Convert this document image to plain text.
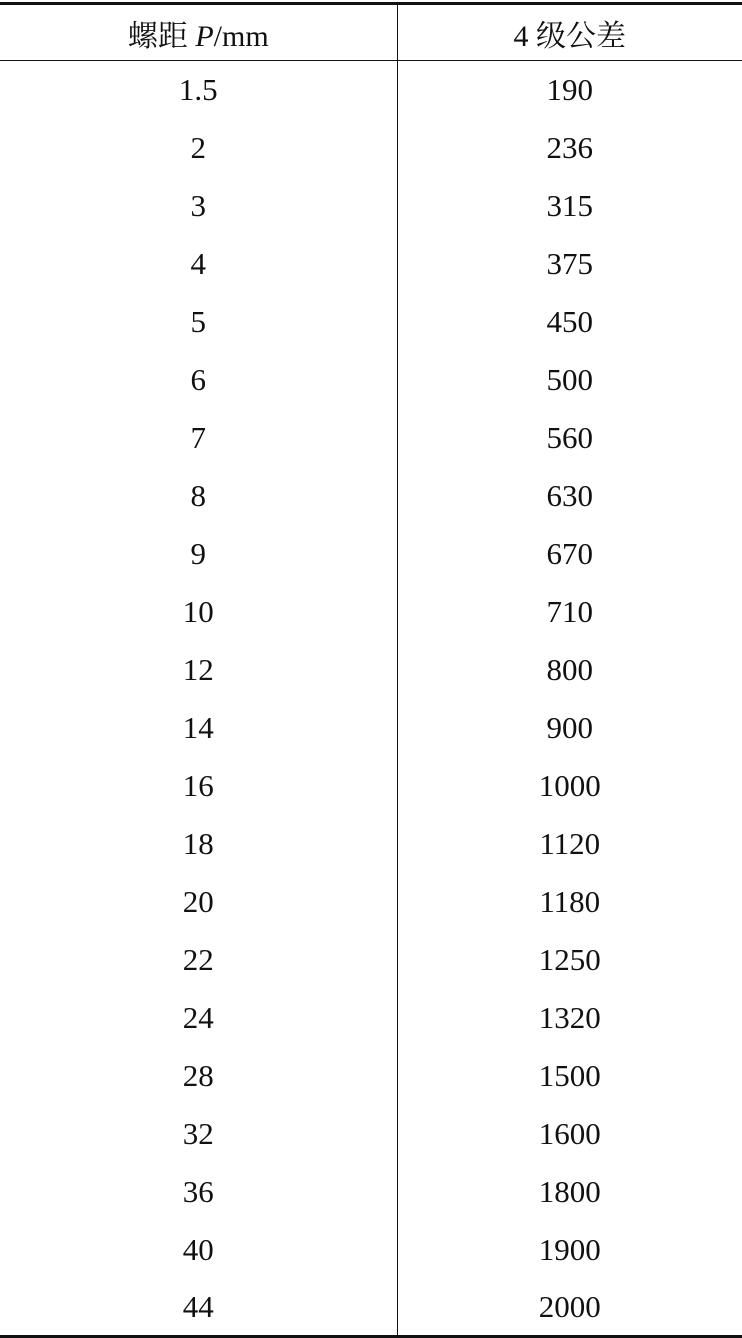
螺距 P/mm	4 级公差
1.5	190
2	236
3	315
4	375
5	450
6	500
7	560
8	630
9	670
10	710
12	800
14	900
16	1000
18	1120
20	1180
22	1250
24	1320
28	1500
32	1600
36	1800
40	1900
44	2000
